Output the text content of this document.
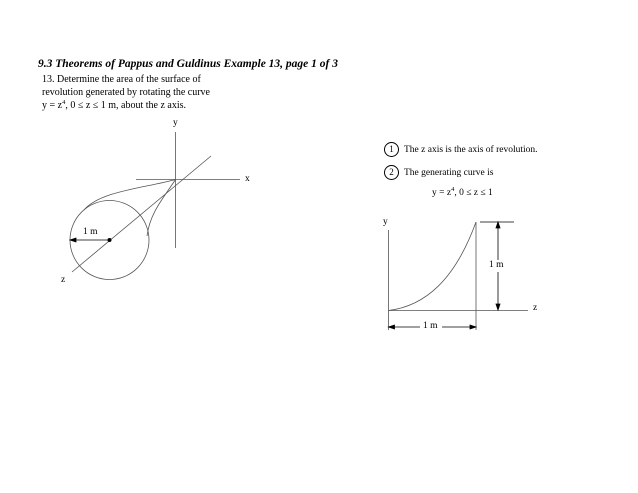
9.3 Theorems of Pappus and Guldinus Example 13, page 1 of 3
13. Determine the area of the surface of
revolution generated by rotating the curve
$y = z^4$, 0 ≤ z ≤ 1 m, about the z axis.
y
x
z
1 m
1	The z axis is the axis of revolution.
2	The generating curve is
$y = z^4$, 0 ≤ z ≤ 1
y
z
1 m
1 m
